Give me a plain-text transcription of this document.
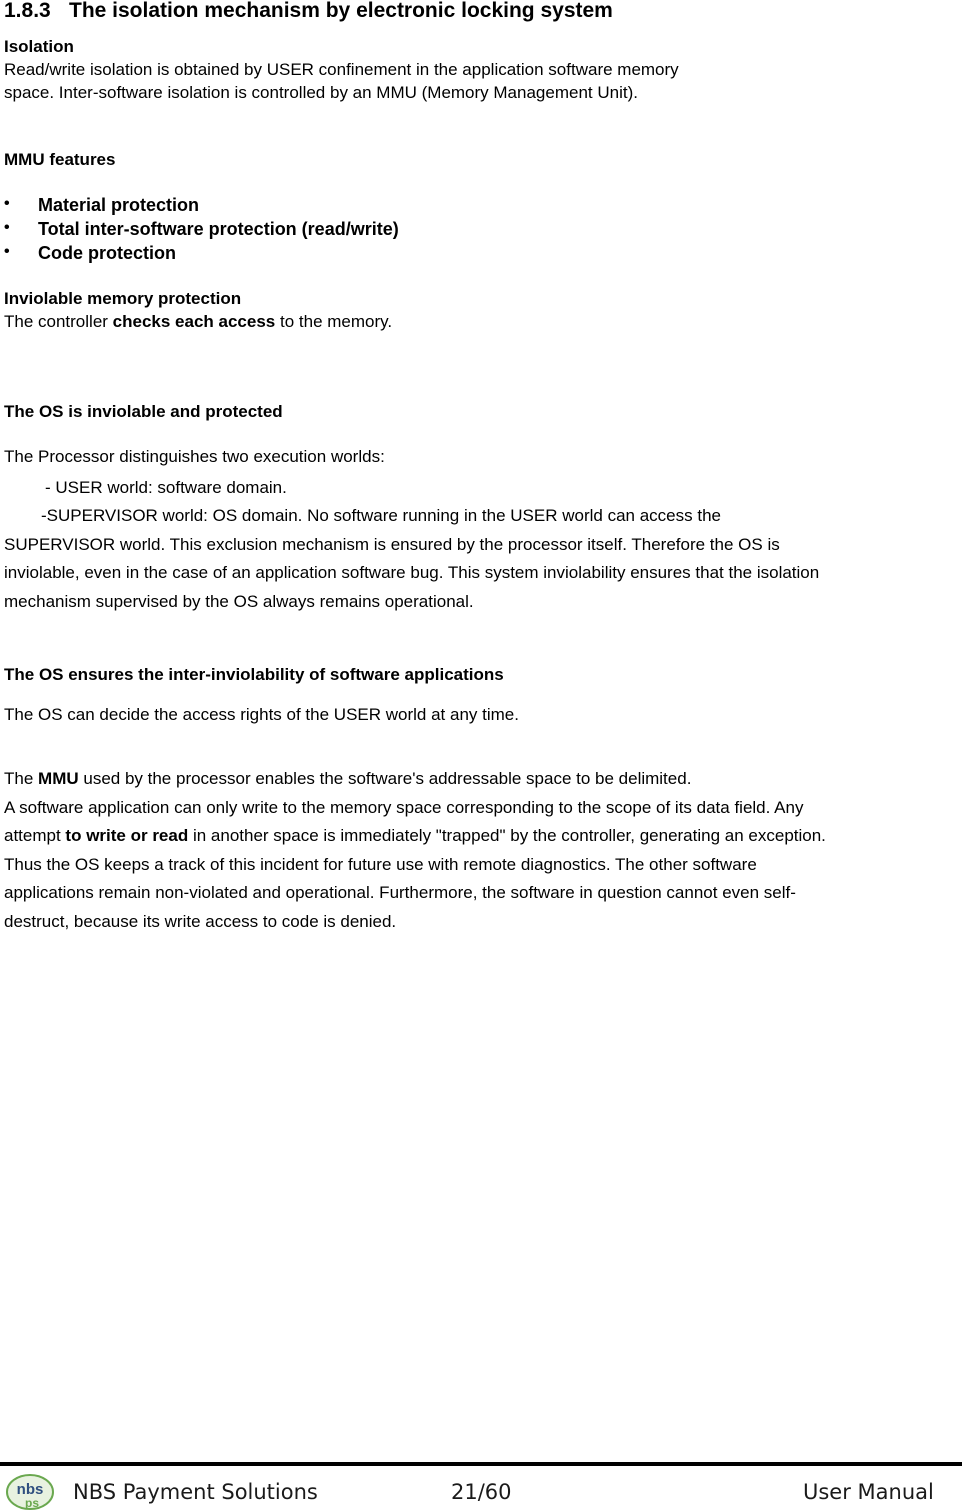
1.8.3 The isolation mechanism by electronic locking system
Isolation
Read/write isolation is obtained by USER confinement in the application software memory
space. Inter-software isolation is controlled by an MMU (Memory Management Unit).
MMU features
• Material protection
• Total inter-software protection (read/write)
• Code protection
Inviolable memory protection
The controller checks each access to the memory.
The OS is inviolable and protected
The Processor distinguishes two execution worlds:
- USER world: software domain.
-SUPERVISOR world: OS domain. No software running in the USER world can access the
SUPERVISOR world. This exclusion mechanism is ensured by the processor itself. Therefore the OS is
inviolable, even in the case of an application software bug. This system inviolability ensures that the isolation
mechanism supervised by the OS always remains operational.
The OS ensures the inter-inviolability of software applications
The OS can decide the access rights of the USER world at any time.
The MMU used by the processor enables the software's addressable space to be delimited.
A software application can only write to the memory space corresponding to the scope of its data field. Any
attempt to write or read in another space is immediately "trapped" by the controller, generating an exception.
Thus the OS keeps a track of this incident for future use with remote diagnostics. The other software
applications remain non-violated and operational. Furthermore, the software in question cannot even self-
destruct, because its write access to code is denied.
nbs
ps NBS Payment Solutions	21/60	User Manual
